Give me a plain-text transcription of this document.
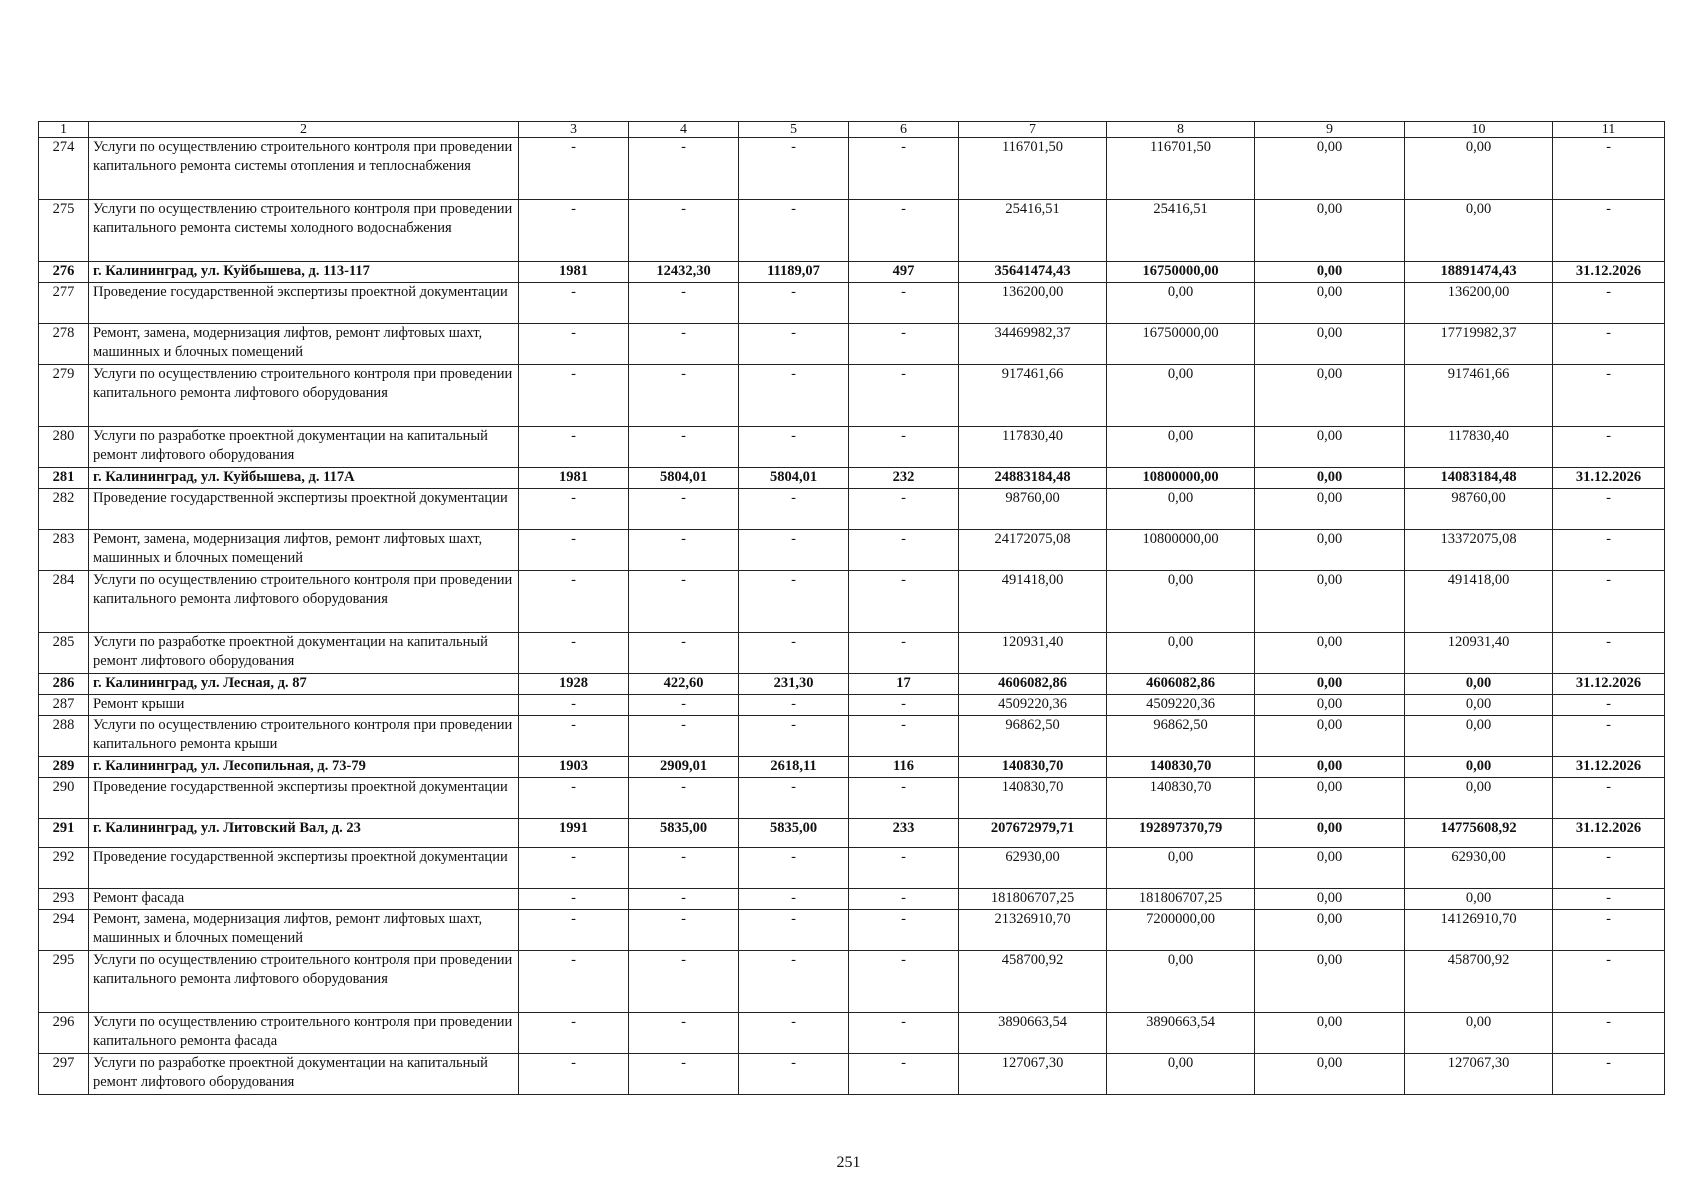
1	2	3	4	5	6	7	8	9	10	11
274	Услуги по осуществлению строительного контроля при проведении капитального ремонта системы отопления и теплоснабжения	-	-	-	-	116701,50	116701,50	0,00	0,00	-
275	Услуги по осуществлению строительного контроля при проведении капитального ремонта системы холодного водоснабжения	-	-	-	-	25416,51	25416,51	0,00	0,00	-
276	г. Калининград, ул. Куйбышева, д. 113-117	1981	12432,30	11189,07	497	35641474,43	16750000,00	0,00	18891474,43	31.12.2026
277	Проведение государственной экспертизы проектной документации	-	-	-	-	136200,00	0,00	0,00	136200,00	-
278	Ремонт, замена, модернизация лифтов, ремонт лифтовых шахт, машинных и блочных помещений	-	-	-	-	34469982,37	16750000,00	0,00	17719982,37	-
279	Услуги по осуществлению строительного контроля при проведении капитального ремонта лифтового оборудования	-	-	-	-	917461,66	0,00	0,00	917461,66	-
280	Услуги по разработке проектной документации на капитальный ремонт лифтового оборудования	-	-	-	-	117830,40	0,00	0,00	117830,40	-
281	г. Калининград, ул. Куйбышева, д. 117А	1981	5804,01	5804,01	232	24883184,48	10800000,00	0,00	14083184,48	31.12.2026
282	Проведение государственной экспертизы проектной документации	-	-	-	-	98760,00	0,00	0,00	98760,00	-
283	Ремонт, замена, модернизация лифтов, ремонт лифтовых шахт, машинных и блочных помещений	-	-	-	-	24172075,08	10800000,00	0,00	13372075,08	-
284	Услуги по осуществлению строительного контроля при проведении капитального ремонта лифтового оборудования	-	-	-	-	491418,00	0,00	0,00	491418,00	-
285	Услуги по разработке проектной документации на капитальный ремонт лифтового оборудования	-	-	-	-	120931,40	0,00	0,00	120931,40	-
286	г. Калининград, ул. Лесная, д. 87	1928	422,60	231,30	17	4606082,86	4606082,86	0,00	0,00	31.12.2026
287	Ремонт крыши	-	-	-	-	4509220,36	4509220,36	0,00	0,00	-
288	Услуги по осуществлению строительного контроля при проведении капитального ремонта крыши	-	-	-	-	96862,50	96862,50	0,00	0,00	-
289	г. Калининград, ул. Лесопильная, д. 73-79	1903	2909,01	2618,11	116	140830,70	140830,70	0,00	0,00	31.12.2026
290	Проведение государственной экспертизы проектной документации	-	-	-	-	140830,70	140830,70	0,00	0,00	-
291	г. Калининград, ул. Литовский Вал, д. 23	1991	5835,00	5835,00	233	207672979,71	192897370,79	0,00	14775608,92	31.12.2026
292	Проведение государственной экспертизы проектной документации	-	-	-	-	62930,00	0,00	0,00	62930,00	-
293	Ремонт фасада	-	-	-	-	181806707,25	181806707,25	0,00	0,00	-
294	Ремонт, замена, модернизация лифтов, ремонт лифтовых шахт, машинных и блочных помещений	-	-	-	-	21326910,70	7200000,00	0,00	14126910,70	-
295	Услуги по осуществлению строительного контроля при проведении капитального ремонта лифтового оборудования	-	-	-	-	458700,92	0,00	0,00	458700,92	-
296	Услуги по осуществлению строительного контроля при проведении капитального ремонта фасада	-	-	-	-	3890663,54	3890663,54	0,00	0,00	-
297	Услуги по разработке проектной документации на капитальный ремонт лифтового оборудования	-	-	-	-	127067,30	0,00	0,00	127067,30	-
251
